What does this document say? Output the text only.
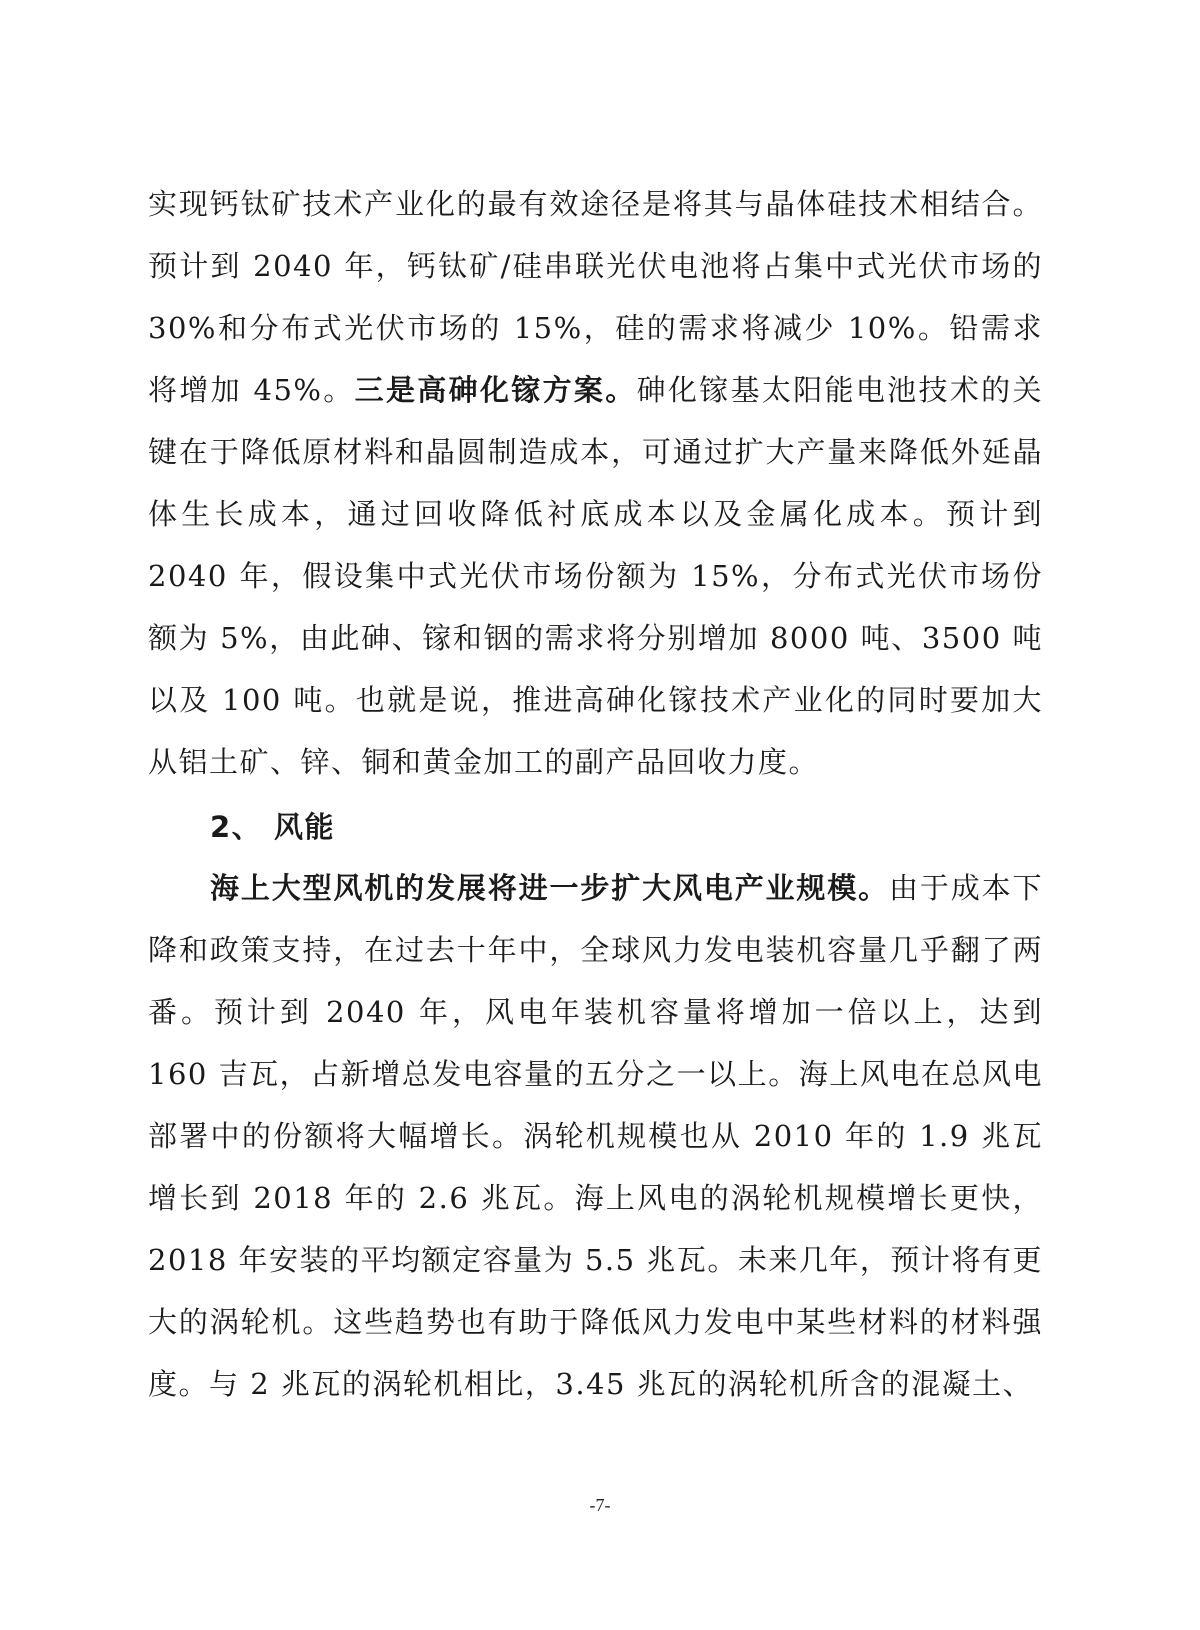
实现钙钛矿技术产业化的最有效途径是将其与晶体硅技术相结合。预计到 2040 年，钙钛矿/硅串联光伏电池将占集中式光伏市场的 30%和分布式光伏市场的 15%，硅的需求将减少 10%。铅需求将增加 45%。三是高砷化镓方案。砷化镓基太阳能电池技术的关键在于降低原材料和晶圆制造成本，可通过扩大产量来降低外延晶体生长成本，通过回收降低衬底成本以及金属化成本。预计到 2040 年，假设集中式光伏市场份额为 15%，分布式光伏市场份额为 5%，由此砷、镓和铟的需求将分别增加 8000 吨、3500 吨以及 100 吨。也就是说，推进高砷化镓技术产业化的同时要加大从铝土矿、锌、铜和黄金加工的副产品回收力度。

2、 风能

海上大型风机的发展将进一步扩大风电产业规模。由于成本下降和政策支持，在过去十年中，全球风力发电装机容量几乎翻了两番。预计到 2040 年，风电年装机容量将增加一倍以上，达到 160 吉瓦，占新增总发电容量的五分之一以上。海上风电在总风电部署中的份额将大幅增长。涡轮机规模也从 2010 年的 1.9 兆瓦增长到 2018 年的 2.6 兆瓦。海上风电的涡轮机规模增长更快，2018 年安装的平均额定容量为 5.5 兆瓦。未来几年，预计将有更大的涡轮机。这些趋势也有助于降低风力发电中某些材料的材料强度。与 2 兆瓦的涡轮机相比，3.45 兆瓦的涡轮机所含的混凝土、

-7-
